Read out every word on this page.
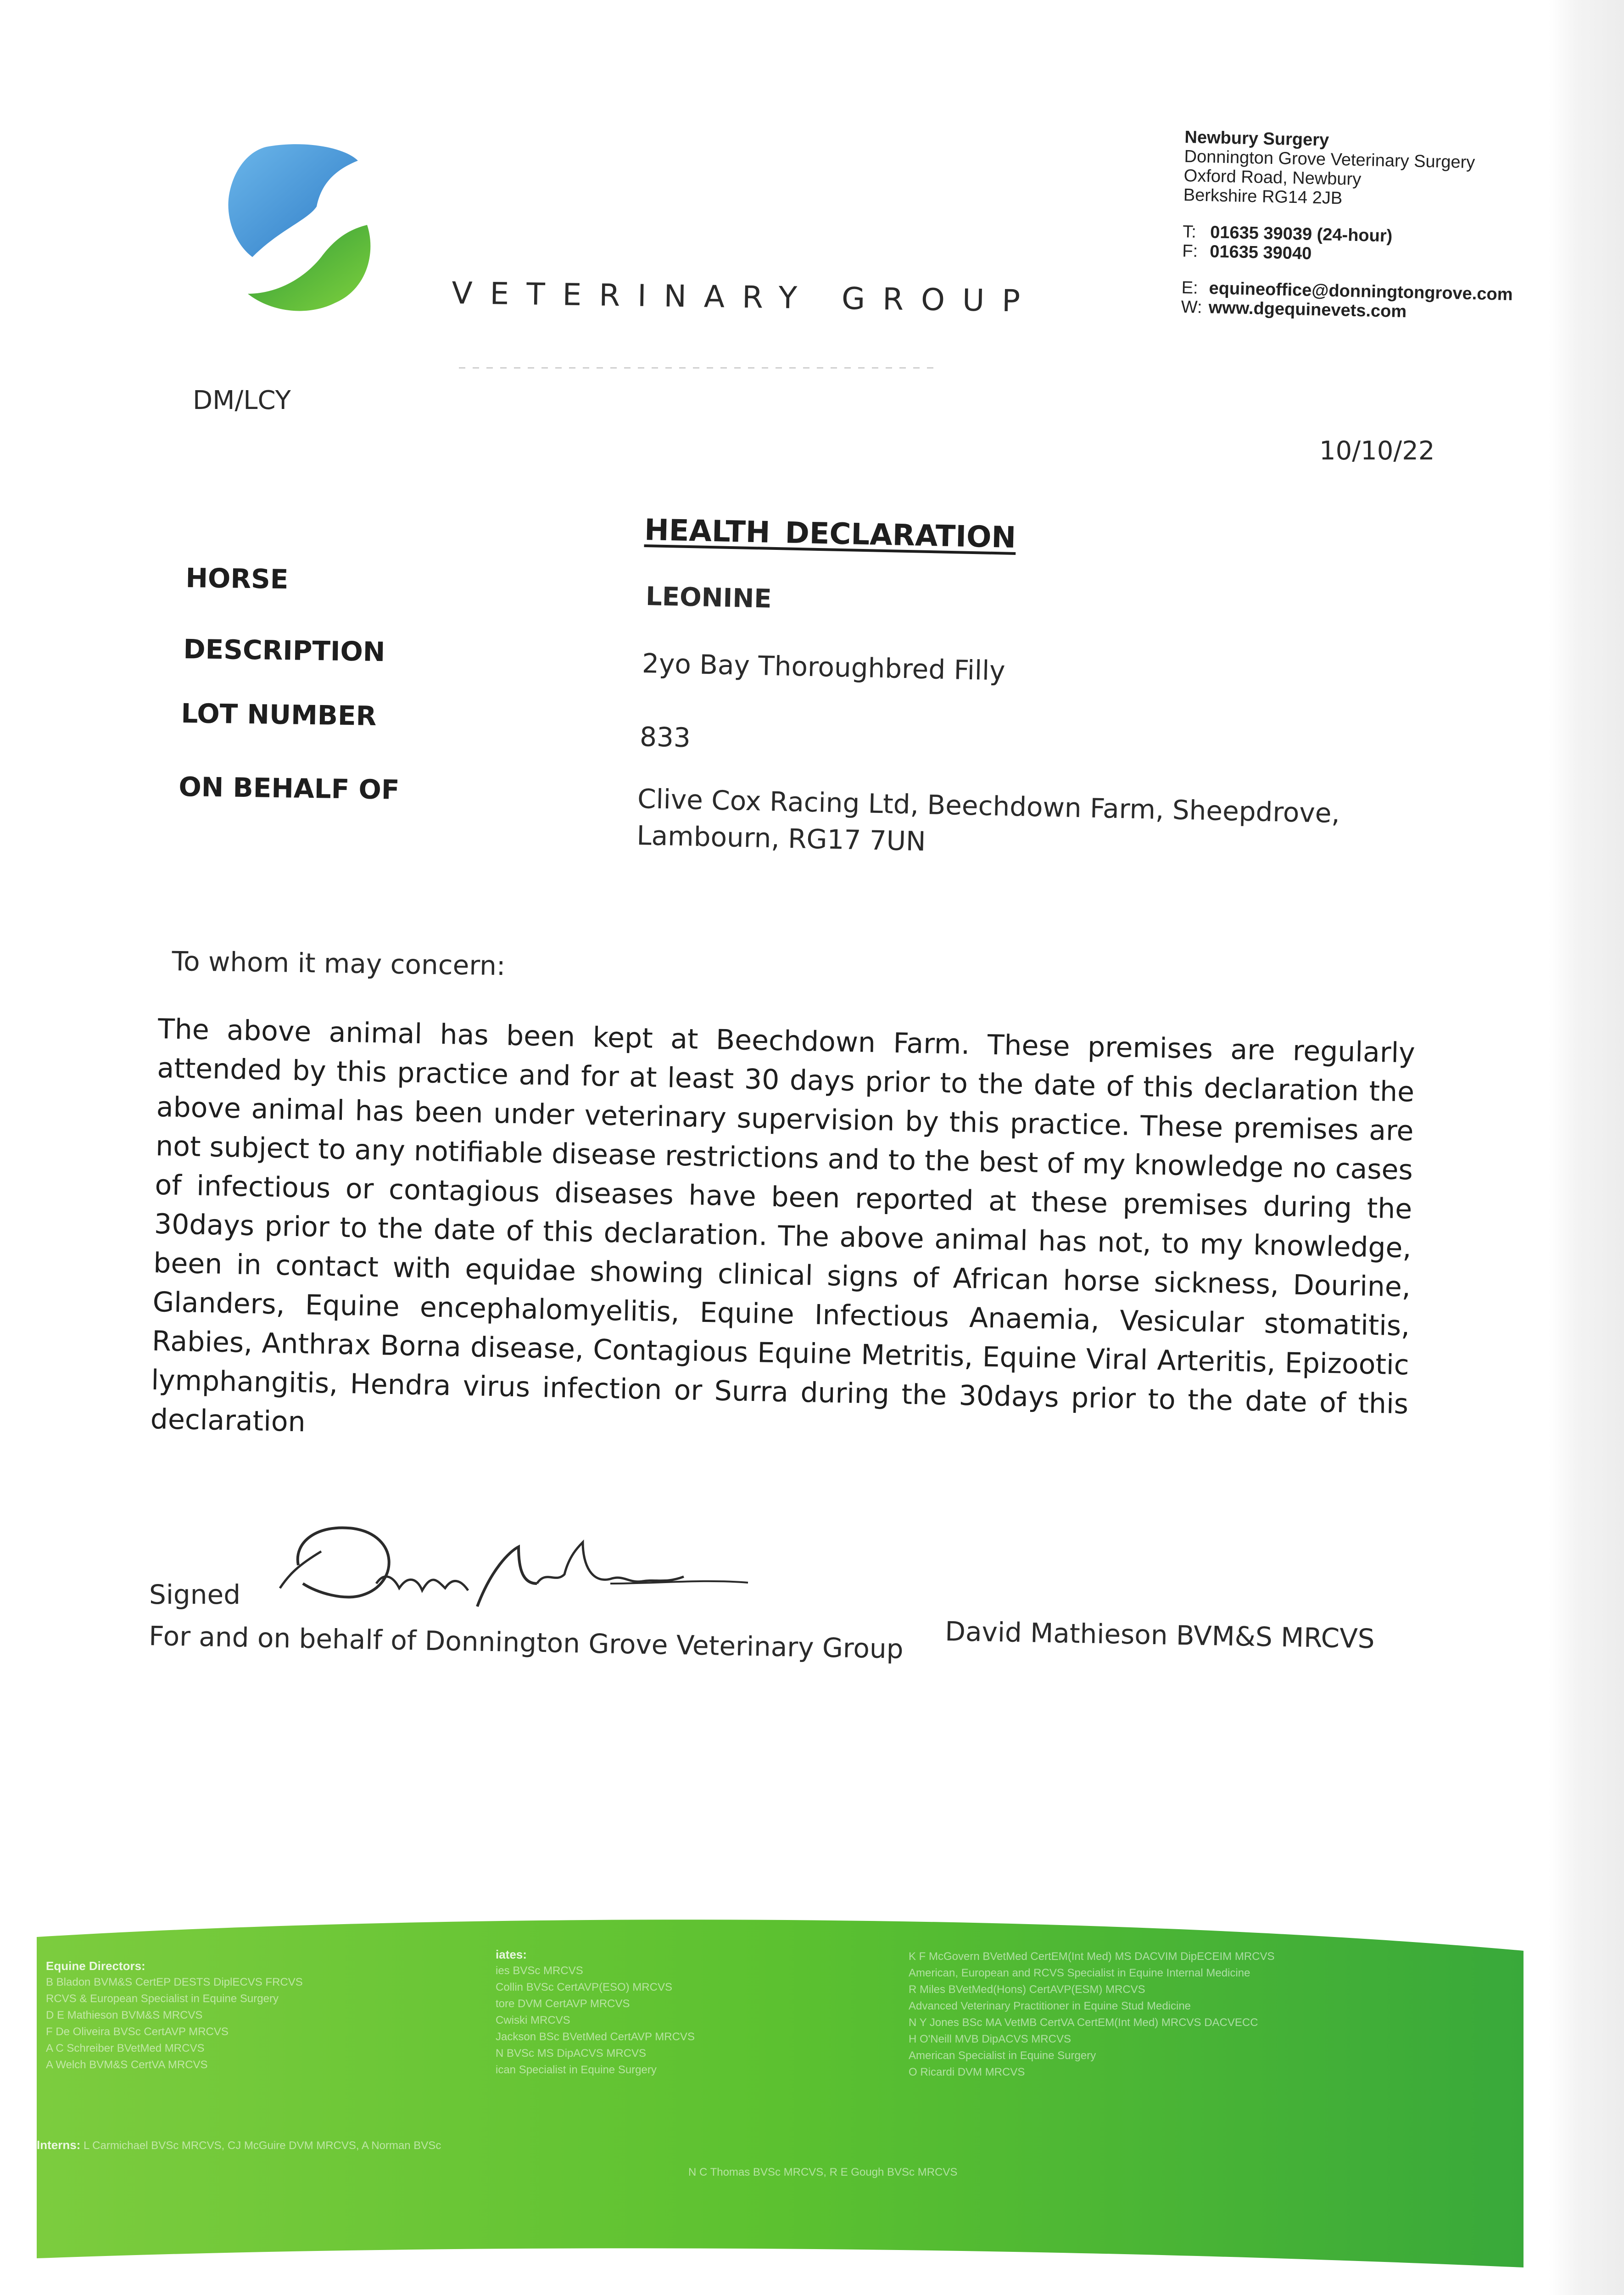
VETERINARY GROUP
Newbury Surgery
Donnington Grove Veterinary Surgery
Oxford Road, Newbury
Berkshire RG14 2JB
T: 01635 39039 (24-hour)
F: 01635 39040
E: equineoffice@donningtongrove.com
W: www.dgequinevets.com
DM/LCY
10/10/22
HEALTH DECLARATION
HORSE
LEONINE
DESCRIPTION	2yo Bay Thoroughbred Filly
LOT NUMBER
833
ON BEHALF OF	Clive Cox Racing Ltd, Beechdown Farm, Sheepdrove, Lambourn, RG17 7UN
To whom it may concern:
The above animal has been kept at Beechdown Farm. These premises are regularly attended by this practice and for at least 30 days prior to the date of this declaration the above animal has been under veterinary supervision by this practice. These premises are not subject to any notifiable disease restrictions and to the best of my knowledge no cases of infectious or contagious diseases have been reported at these premises during the 30days prior to the date of this declaration. The above animal has not, to my knowledge, been in contact with equidae showing clinical signs of African horse sickness, Dourine, Glanders, Equine encephalomyelitis, Equine Infectious Anaemia, Vesicular stomatitis, Rabies, Anthrax Borna disease, Contagious Equine Metritis, Equine Viral Arteritis, Epizootic lymphangitis, Hendra virus infection or Surra during the 30days prior to the date of this declaration
Signed
For and on behalf of Donnington Grove Veterinary Group David Mathieson BVM&S MRCVS
Equine Directors:
B Bladon BVM&S CertEP DESTS DiplECVS FRCVS
RCVS & European Specialist in Equine Surgery
D E Mathieson BVM&S MRCVS
F De Oliveira BVSc CertAVP MRCVS
A C Schreiber BVetMed MRCVS
A Welch BVM&S CertVA MRCVS
iates:
ies BVSc MRCVS
Collin BVSc CertAVP(ESO) MRCVS
tore DVM CertAVP MRCVS
Cwiski MRCVS
Jackson BSc BVetMed CertAVP MRCVS
N BVSc MS DipACVS MRCVS
ican Specialist in Equine Surgery
K F McGovern BVetMed CertEM(Int Med) MS DACVIM DipECEIM MRCVS
American, European and RCVS Specialist in Equine Internal Medicine
R Miles BVetMed(Hons) CertAVP(ESM) MRCVS
Advanced Veterinary Practitioner in Equine Stud Medicine
N Y Jones BSc MA VetMB CertVA CertEM(Int Med) MRCVS DACVECC
H O'Neill MVB DipACVS MRCVS
American Specialist in Equine Surgery
O Ricardi DVM MRCVS
Interns: L Carmichael BVSc MRCVS, CJ McGuire DVM MRCVS, A Norman BVSc
N C Thomas BVSc MRCVS, R E Gough BVSc MRCVS
